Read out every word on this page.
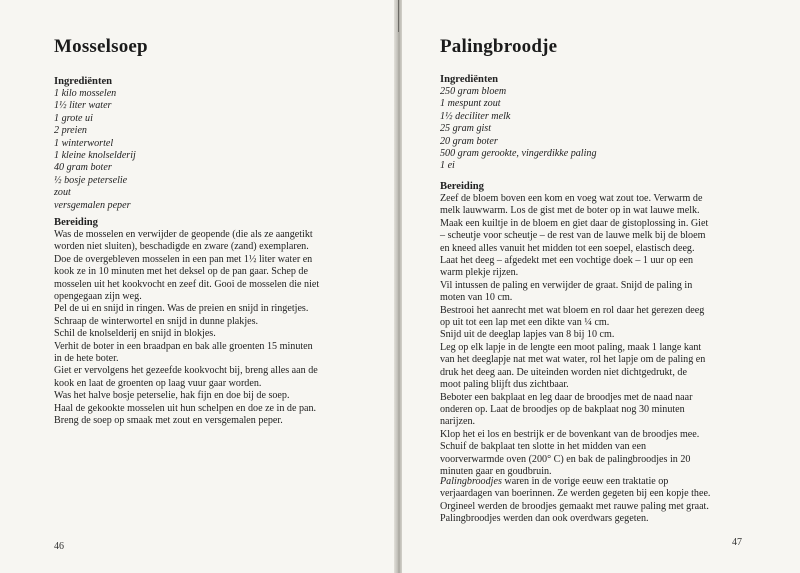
Mosselsoep

Ingrediënten

1 kilo mosselen

1½ liter water

1 grote ui

2 preien

1 winterwortel

1 kleine knolselderij

40 gram boter

½ bosje peterselie

zout

versgemalen peper

Bereiding

Was de mosselen en verwijder de geopende (die als ze aangetikt

worden niet sluiten), beschadigde en zware (zand) exemplaren.

Doe de overgebleven mosselen in een pan met 1½ liter water en

kook ze in 10 minuten met het deksel op de pan gaar. Schep de

mosselen uit het kookvocht en zeef dit. Gooi de mosselen die niet

opengegaan zijn weg.

Pel de ui en snijd in ringen. Was de preien en snijd in ringetjes.

Schraap de winterwortel en snijd in dunne plakjes.

Schil de knolselderij en snijd in blokjes.

Verhit de boter in een braadpan en bak alle groenten 15 minuten

in de hete boter.

Giet er vervolgens het gezeefde kookvocht bij, breng alles aan de

kook en laat de groenten op laag vuur gaar worden.

Was het halve bosje peterselie, hak fijn en doe bij de soep.

Haal de gekookte mosselen uit hun schelpen en doe ze in de pan.

Breng de soep op smaak met zout en versgemalen peper.

46
Palingbroodje

Ingrediënten

250 gram bloem

1 mespunt zout

1½ deciliter melk

25 gram gist

20 gram boter

500 gram gerookte, vingerdikke paling

1 ei

Bereiding

Zeef de bloem boven een kom en voeg wat zout toe. Verwarm de

melk lauwwarm. Los de gist met de boter op in wat lauwe melk.

Maak een kuiltje in de bloem en giet daar de gistoplossing in. Giet

– scheutje voor scheutje – de rest van de lauwe melk bij de bloem

en kneed alles vanuit het midden tot een soepel, elastisch deeg.

Laat het deeg – afgedekt met een vochtige doek – 1 uur op een

warm plekje rijzen.

Vil intussen de paling en verwijder de graat. Snijd de paling in

moten van 10 cm.

Bestrooi het aanrecht met wat bloem en rol daar het gerezen deeg

op uit tot een lap met een dikte van ¼ cm.

Snijd uit de deeglap lapjes van 8 bij 10 cm.

Leg op elk lapje in de lengte een moot paling, maak 1 lange kant

van het deeglapje nat met wat water, rol het lapje om de paling en

druk het deeg aan. De uiteinden worden niet dichtgedrukt, de

moot paling blijft dus zichtbaar.

Beboter een bakplaat en leg daar de broodjes met de naad naar

onderen op. Laat de broodjes op de bakplaat nog 30 minuten

narijzen.

Klop het ei los en bestrijk er de bovenkant van de broodjes mee.

Schuif de bakplaat ten slotte in het midden van een

voorverwarmde oven (200° C) en bak de palingbroodjes in 20

minuten gaar en goudbruin.

Palingbroodjes waren in de vorige eeuw een traktatie op

verjaardagen van boerinnen. Ze werden gegeten bij een kopje thee.

Orgineel werden de broodjes gemaakt met rauwe paling met graat.

Palingbroodjes werden dan ook overdwars gegeten.

47
